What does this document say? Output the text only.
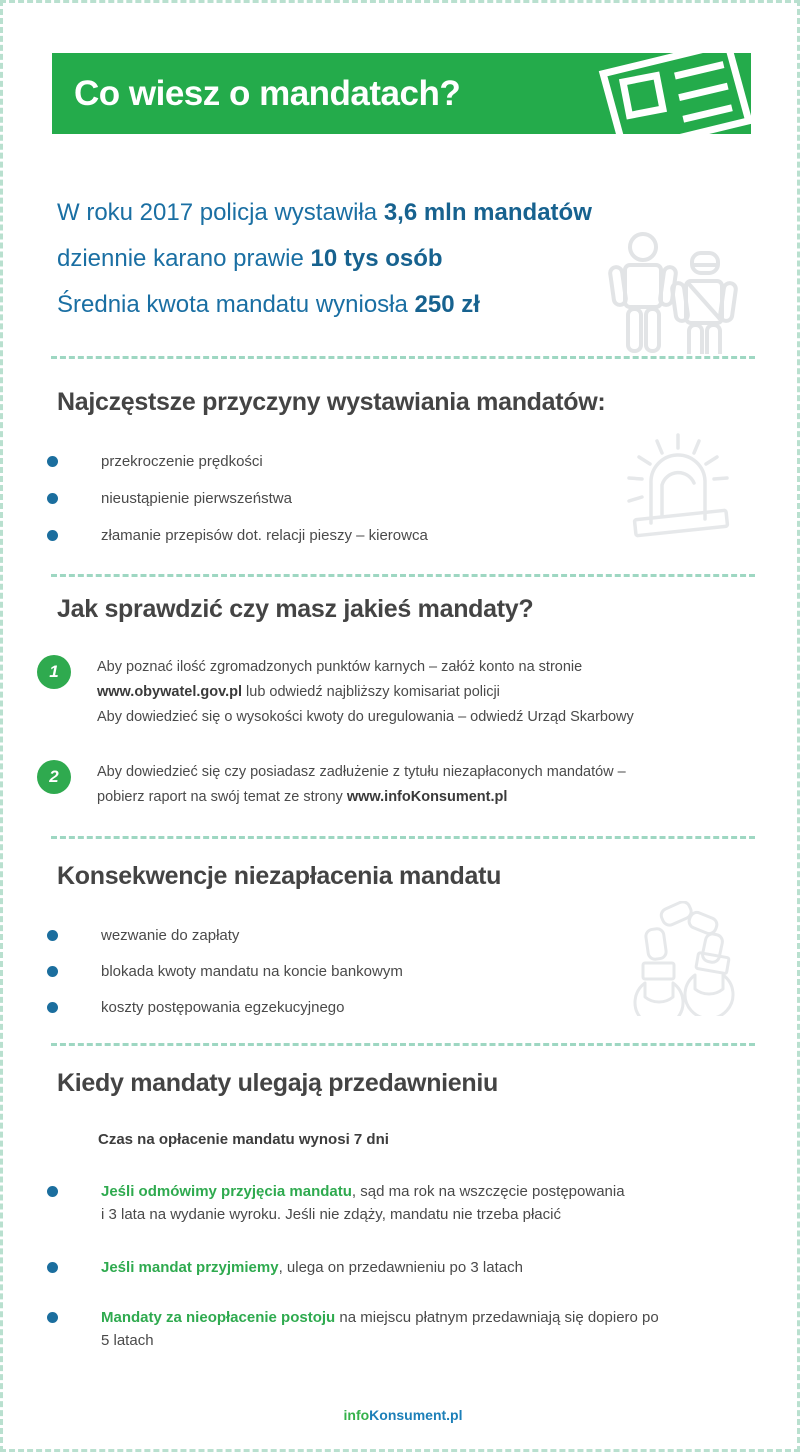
Co wiesz o mandatach?
W roku 2017 policja wystawiła 3,6 mln mandatów
dziennie karano prawie 10 tys osób
Średnia kwota mandatu wyniosła 250 zł
Najczęstsze przyczyny wystawiania mandatów:
przekroczenie prędkości
nieustąpienie pierwszeństwa
złamanie przepisów dot. relacji pieszy – kierowca
Jak sprawdzić czy masz jakieś mandaty?
1	Aby poznać ilość zgromadzonych punktów karnych – załóż konto na stronie
www.obywatel.gov.pl lub odwiedź najbliższy komisariat policji
Aby dowiedzieć się o wysokości kwoty do uregulowania – odwiedź Urząd Skarbowy
2	Aby dowiedzieć się czy posiadasz zadłużenie z tytułu niezapłaconych mandatów –
pobierz raport na swój temat ze strony www.infoKonsument.pl
Konsekwencje niezapłacenia mandatu
wezwanie do zapłaty
blokada kwoty mandatu na koncie bankowym
koszty postępowania egzekucyjnego
Kiedy mandaty ulegają przedawnieniu
Czas na opłacenie mandatu wynosi 7 dni
Jeśli odmówimy przyjęcia mandatu, sąd ma rok na wszczęcie postępowania
i 3 lata na wydanie wyroku. Jeśli nie zdąży, mandatu nie trzeba płacić
Jeśli mandat przyjmiemy, ulega on przedawnieniu po 3 latach
Mandaty za nieopłacenie postoju na miejscu płatnym przedawniają się dopiero po
5 latach
infoKonsument.pl
